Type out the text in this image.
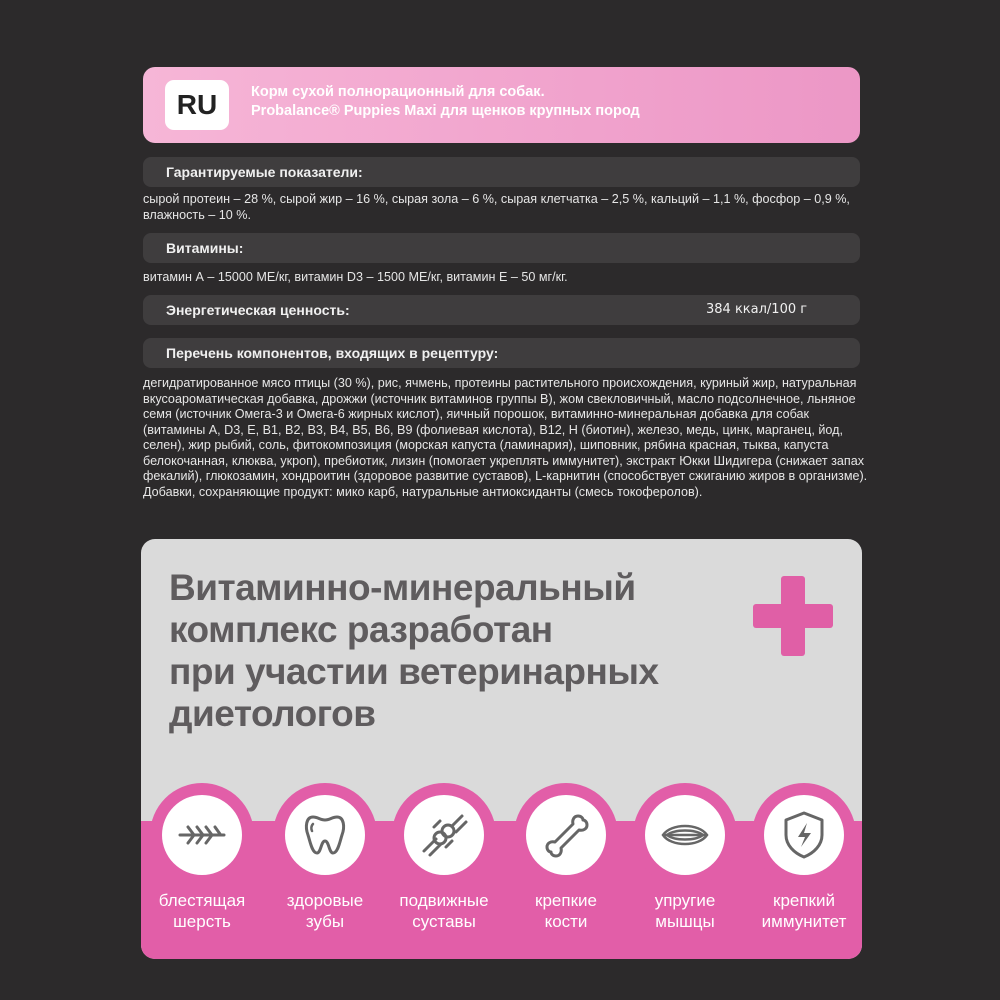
RU	Корм сухой полнорационный для собак.
Probalance® Puppies Maxi для щенков крупных пород
Гарантируемые показатели:
сырой протеин – 28 %, сырой жир – 16 %, сырая зола – 6 %, сырая клетчатка – 2,5 %, кальций – 1,1 %, фосфор – 0,9 %, влажность – 10 %.
Витамины:
витамин А – 15000 МЕ/кг, витамин D3 – 1500 МЕ/кг, витамин Е – 50 мг/кг.
Энергетическая ценность:	384 ккал/100 г
Перечень компонентов, входящих в рецептуру:
дегидратированное мясо птицы (30 %), рис, ячмень, протеины растительного происхождения, куриный жир, натуральная вкусоароматическая добавка, дрожжи (источник витаминов группы В), жом свекловичный, масло подсолнечное, льняное семя (источник Омега-3 и Омега-6 жирных кислот), яичный порошок, витаминно-минеральная добавка для собак (витамины A, D3, E, B1, B2, B3, B4, B5, B6, B9 (фолиевая кислота), B12, H (биотин), железо, медь, цинк, марганец, йод, селен), жир рыбий, соль, фитокомпозиция (морская капуста (ламинария), шиповник, рябина красная, тыква, капуста белокочанная, клюква, укроп), пребиотик, лизин (помогает укреплять иммунитет), экстракт Юкки Шидигера (снижает запах фекалий), глюкозамин, хондроитин (здоровое развитие суставов), L-карнитин (способствует сжиганию жиров в организме). Добавки, сохраняющие продукт: мико карб, натуральные антиоксиданты (смесь токоферолов).
Витаминно-минеральный
комплекс разработан
при участии ветеринарных
диетологов
блестящая
шерсть
здоровые
зубы
подвижные
суставы
крепкие
кости
упругие
мышцы
крепкий
иммунитет
